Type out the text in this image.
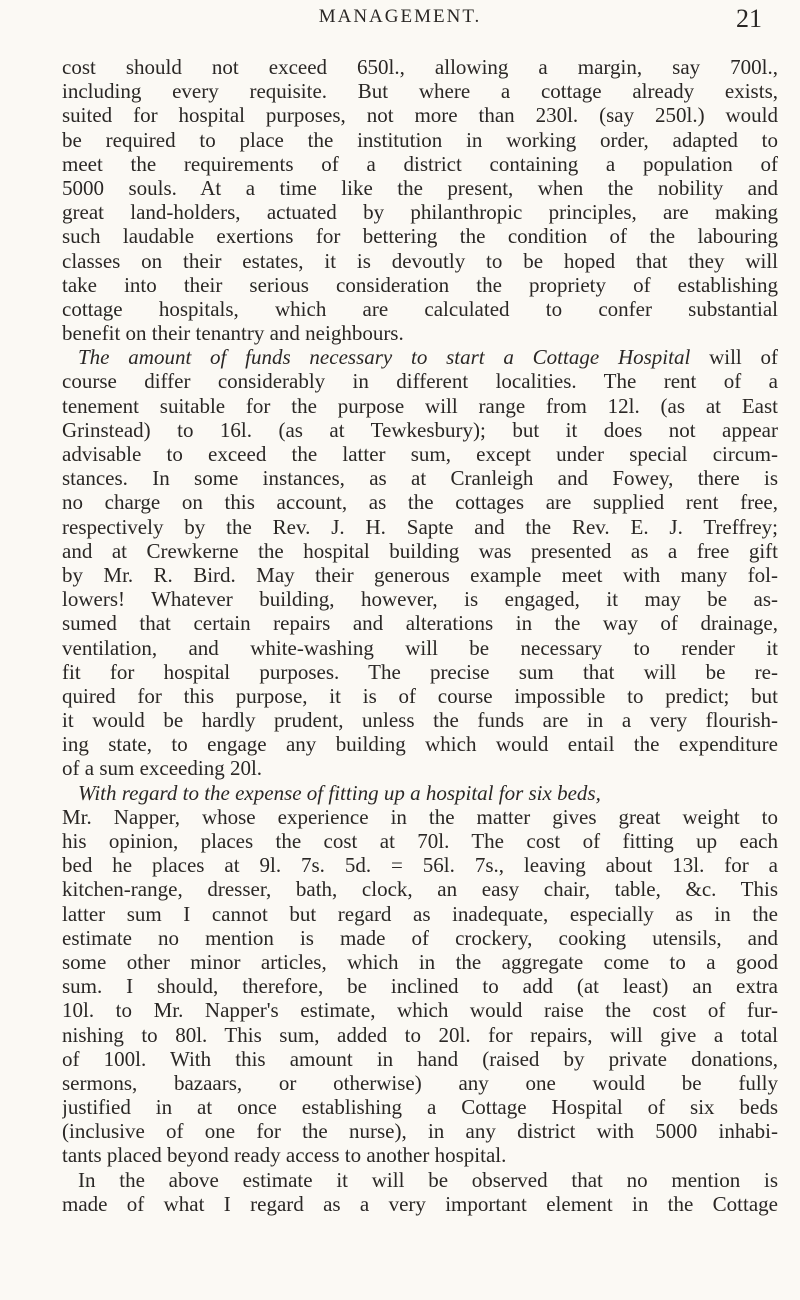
MANAGEMENT.	21
cost should not exceed 650l., allowing a margin, say 700l.,
including every requisite. But where a cottage already exists,
suited for hospital purposes, not more than 230l. (say 250l.) would
be required to place the institution in working order, adapted to
meet the requirements of a district containing a population of
5000 souls. At a time like the present, when the nobility and
great land-holders, actuated by philanthropic principles, are making
such laudable exertions for bettering the condition of the labouring
classes on their estates, it is devoutly to be hoped that they will
take into their serious consideration the propriety of establishing
cottage hospitals, which are calculated to confer substantial
benefit on their tenantry and neighbours.
The amount of funds necessary to start a Cottage Hospital will of
course differ considerably in different localities. The rent of a
tenement suitable for the purpose will range from 12l. (as at East
Grinstead) to 16l. (as at Tewkesbury); but it does not appear
advisable to exceed the latter sum, except under special circum-
stances. In some instances, as at Cranleigh and Fowey, there is
no charge on this account, as the cottages are supplied rent free,
respectively by the Rev. J. H. Sapte and the Rev. E. J. Treffrey;
and at Crewkerne the hospital building was presented as a free gift
by Mr. R. Bird. May their generous example meet with many fol-
lowers! Whatever building, however, is engaged, it may be as-
sumed that certain repairs and alterations in the way of drainage,
ventilation, and white-washing will be necessary to render it
fit for hospital purposes. The precise sum that will be re-
quired for this purpose, it is of course impossible to predict; but
it would be hardly prudent, unless the funds are in a very flourish-
ing state, to engage any building which would entail the expenditure
of a sum exceeding 20l.
With regard to the expense of fitting up a hospital for six beds,
Mr. Napper, whose experience in the matter gives great weight to
his opinion, places the cost at 70l. The cost of fitting up each
bed he places at 9l. 7s. 5d. = 56l. 7s., leaving about 13l. for a
kitchen-range, dresser, bath, clock, an easy chair, table, &c. This
latter sum I cannot but regard as inadequate, especially as in the
estimate no mention is made of crockery, cooking utensils, and
some other minor articles, which in the aggregate come to a good
sum. I should, therefore, be inclined to add (at least) an extra
10l. to Mr. Napper's estimate, which would raise the cost of fur-
nishing to 80l. This sum, added to 20l. for repairs, will give a total
of 100l. With this amount in hand (raised by private donations,
sermons, bazaars, or otherwise) any one would be fully
justified in at once establishing a Cottage Hospital of six beds
(inclusive of one for the nurse), in any district with 5000 inhabi-
tants placed beyond ready access to another hospital.
In the above estimate it will be observed that no mention is
made of what I regard as a very important element in the Cottage
